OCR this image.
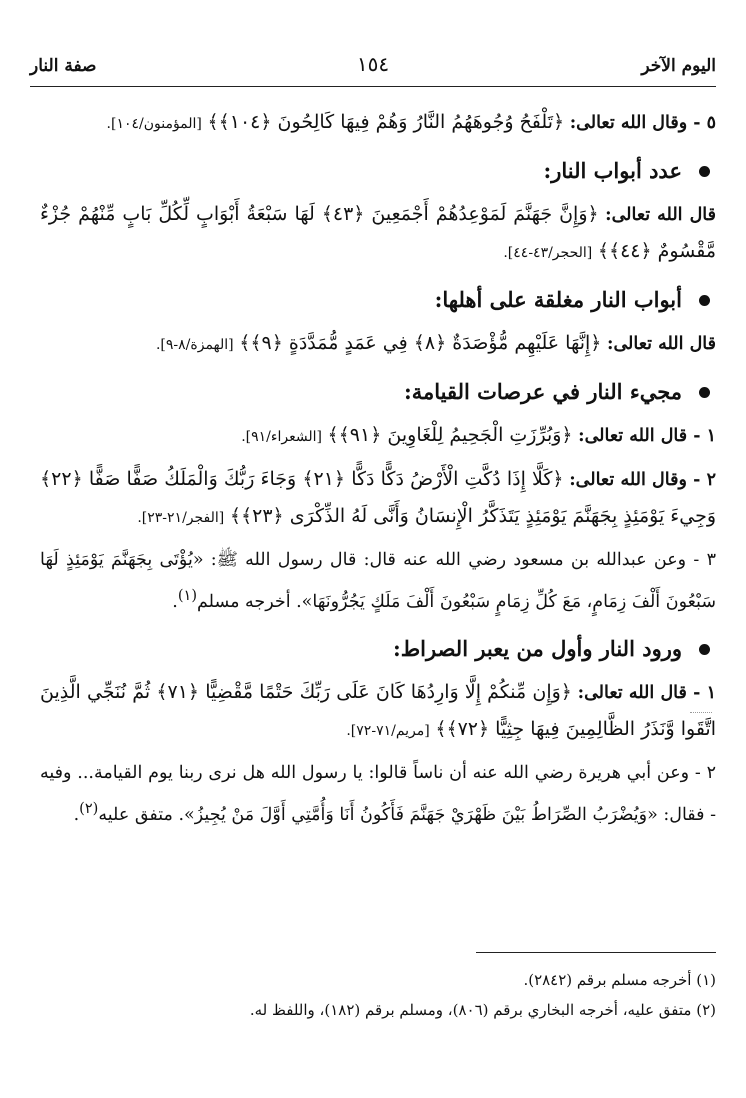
اليوم الآخر
١٥٤
صفة النار

٥ - وقال الله تعالى: ﴿تَلْفَحُ وُجُوهَهُمُ النَّارُ وَهُمْ فِيهَا كَالِحُونَ ﴿١٠٤﴾﴾ [المؤمنون/١٠٤].

عدد أبواب النار:

قال الله تعالى: ﴿وَإِنَّ جَهَنَّمَ لَمَوْعِدُهُمْ أَجْمَعِينَ ﴿٤٣﴾ لَهَا سَبْعَةُ أَبْوَابٍ لِّكُلِّ بَابٍ مِّنْهُمْ جُزْءٌ مَّقْسُومٌ ﴿٤٤﴾﴾ [الحجر/٤٣-٤٤].

أبواب النار مغلقة على أهلها:

قال الله تعالى: ﴿إِنَّهَا عَلَيْهِم مُّؤْصَدَةٌ ﴿٨﴾ فِي عَمَدٍ مُّمَدَّدَةٍ ﴿٩﴾﴾ [الهمزة/٨-٩].

مجيء النار في عرصات القيامة:

١ - قال الله تعالى: ﴿وَبُرِّزَتِ الْجَحِيمُ لِلْغَاوِينَ ﴿٩١﴾﴾ [الشعراء/٩١].

٢ - وقال الله تعالى: ﴿كَلَّا إِذَا دُكَّتِ الْأَرْضُ دَكًّا دَكًّا ﴿٢١﴾ وَجَاءَ رَبُّكَ وَالْمَلَكُ صَفًّا صَفًّا ﴿٢٢﴾ وَجِيءَ يَوْمَئِذٍ بِجَهَنَّمَ يَوْمَئِذٍ يَتَذَكَّرُ الْإِنسَانُ وَأَنَّى لَهُ الذِّكْرَى ﴿٢٣﴾﴾ [الفجر/٢١-٢٣].

٣ - وعن عبدالله بن مسعود رضي الله عنه قال: قال رسول الله ﷺ: «يُؤْتَى بِجَهَنَّمَ يَوْمَئِذٍ لَهَا سَبْعُونَ أَلْفَ زِمَامٍ، مَعَ كُلِّ زِمَامٍ سَبْعُونَ أَلْفَ مَلَكٍ يَجُرُّونَهَا». أخرجه مسلم$^{(١)}$.

ورود النار وأول من يعبر الصراط:

١ - قال الله تعالى: ﴿وَإِن مِّنكُمْ إِلَّا وَارِدُهَا كَانَ عَلَى رَبِّكَ حَتْمًا مَّقْضِيًّا ﴿٧١﴾ ثُمَّ نُنَجِّي الَّذِينَ اتَّقَوا وَّنَذَرُ الظَّالِمِينَ فِيهَا جِثِيًّا ﴿٧٢﴾﴾ [مريم/٧١-٧٢].

٢ - وعن أبي هريرة رضي الله عنه أن ناساً قالوا: يا رسول الله هل نرى ربنا يوم القيامة... وفيه - فقال: «وَيُضْرَبُ الصِّرَاطُ بَيْنَ ظَهْرَيْ جَهَنَّمَ فَأَكُونُ أَنَا وَأُمَّتِي أَوَّلَ مَنْ يُجِيزُ». متفق عليه$^{(٢)}$.

(١) أخرجه مسلم برقم (٢٨٤٢).
(٢) متفق عليه، أخرجه البخاري برقم (٨٠٦)، ومسلم برقم (١٨٢)، واللفظ له.
